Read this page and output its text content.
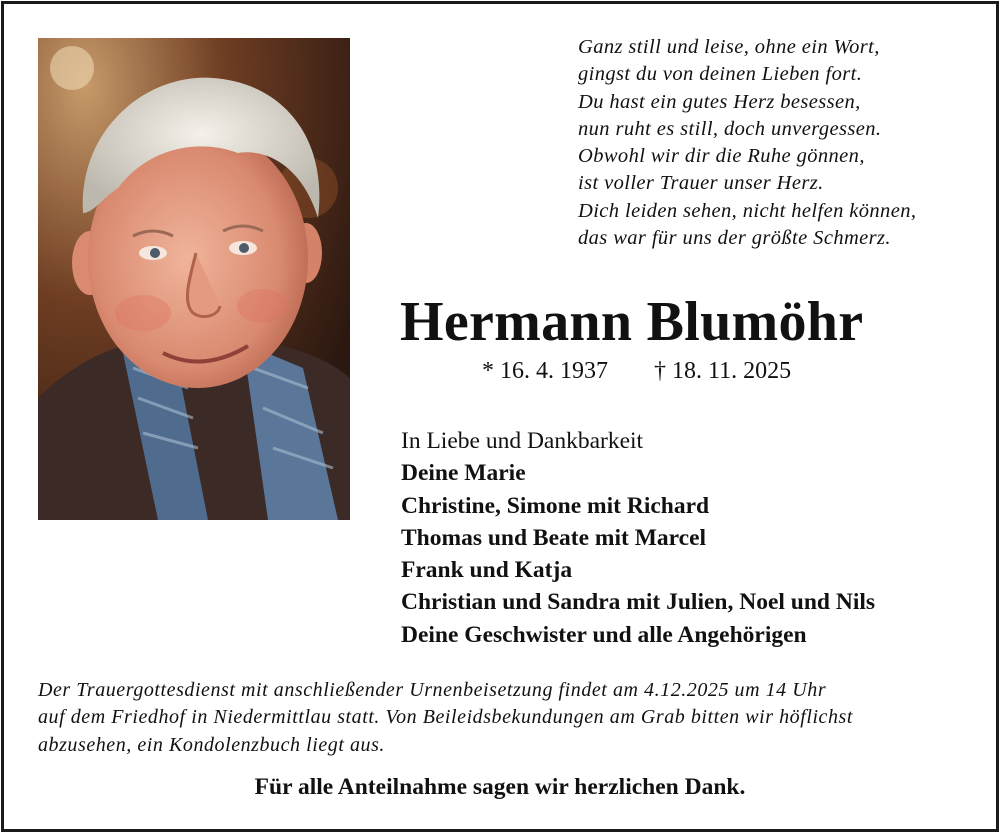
Ganz still und leise, ohne ein Wort,
gingst du von deinen Lieben fort.
Du hast ein gutes Herz besessen,
nun ruht es still, doch unvergessen.
Obwohl wir dir die Ruhe gönnen,
ist voller Trauer unser Herz.
Dich leiden sehen, nicht helfen können,
das war für uns der größte Schmerz.
Hermann Blumöhr
* 16. 4. 1937 † 18. 11. 2025
In Liebe und Dankbarkeit
Deine Marie
Christine, Simone mit Richard
Thomas und Beate mit Marcel
Frank und Katja
Christian und Sandra mit Julien, Noel und Nils
Deine Geschwister und alle Angehörigen
Der Trauergottesdienst mit anschließender Urnenbeisetzung findet am 4.12.2025 um 14 Uhr
auf dem Friedhof in Niedermittlau statt. Von Beileidsbekundungen am Grab bitten wir höflichst
abzusehen, ein Kondolenzbuch liegt aus.
Für alle Anteilnahme sagen wir herzlichen Dank.
